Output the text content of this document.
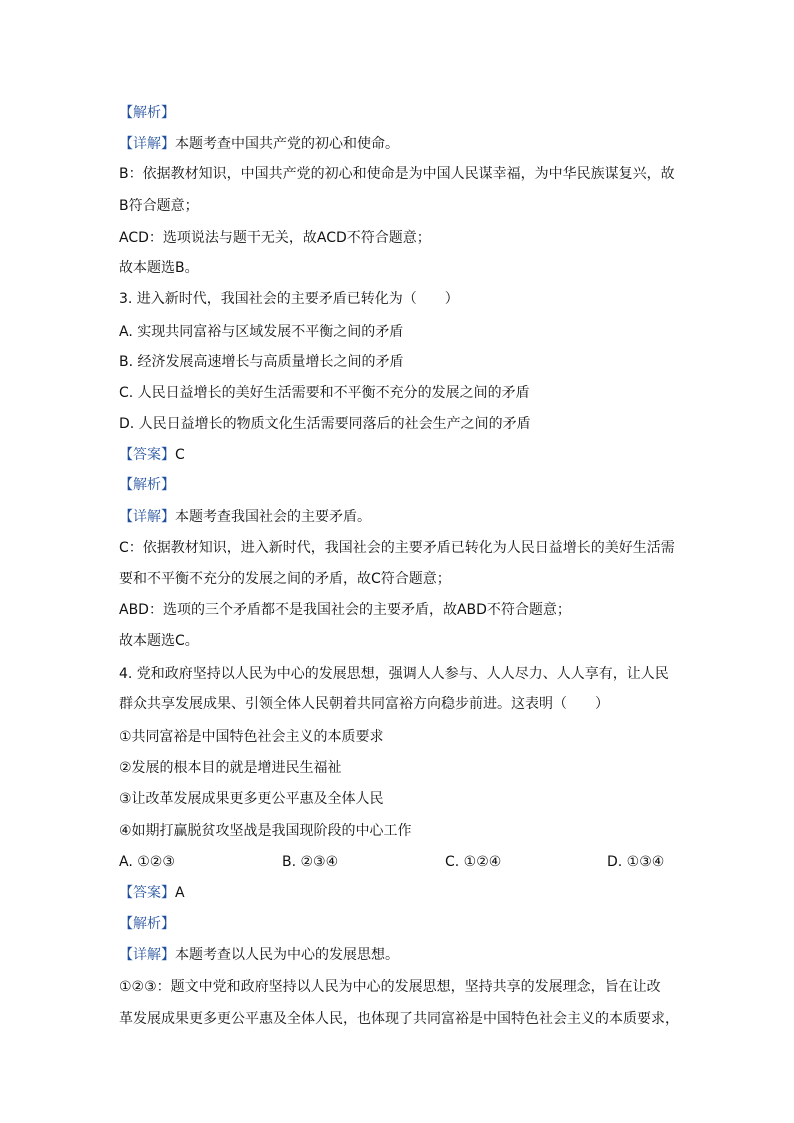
【解析】
【详解】本题考查中国共产党的初心和使命。
B：依据教材知识，中国共产党的初心和使命是为中国人民谋幸福，为中华民族谋复兴，故
B符合题意；
ACD：选项说法与题干无关，故ACD不符合题意；
故本题选B。
3. 进入新时代，我国社会的主要矛盾已转化为（　　）
A. 实现共同富裕与区域发展不平衡之间的矛盾
B. 经济发展高速增长与高质量增长之间的矛盾
C. 人民日益增长的美好生活需要和不平衡不充分的发展之间的矛盾
D. 人民日益增长的物质文化生活需要同落后的社会生产之间的矛盾
【答案】C
【解析】
【详解】本题考查我国社会的主要矛盾。
C：依据教材知识，进入新时代，我国社会的主要矛盾已转化为人民日益增长的美好生活需
要和不平衡不充分的发展之间的矛盾，故C符合题意；
ABD：选项的三个矛盾都不是我国社会的主要矛盾，故ABD不符合题意；
故本题选C。
4. 党和政府坚持以人民为中心的发展思想，强调人人参与、人人尽力、人人享有，让人民
群众共享发展成果、引领全体人民朝着共同富裕方向稳步前进。这表明（　　）
①共同富裕是中国特色社会主义的本质要求
②发展的根本目的就是增进民生福祉
③让改革发展成果更多更公平惠及全体人民
④如期打赢脱贫攻坚战是我国现阶段的中心工作
A. ①②③	B. ②③④	C. ①②④	D. ①③④
【答案】A
【解析】
【详解】本题考查以人民为中心的发展思想。
①②③：题文中党和政府坚持以人民为中心的发展思想，坚持共享的发展理念，旨在让改
革发展成果更多更公平惠及全体人民，也体现了共同富裕是中国特色社会主义的本质要求，
